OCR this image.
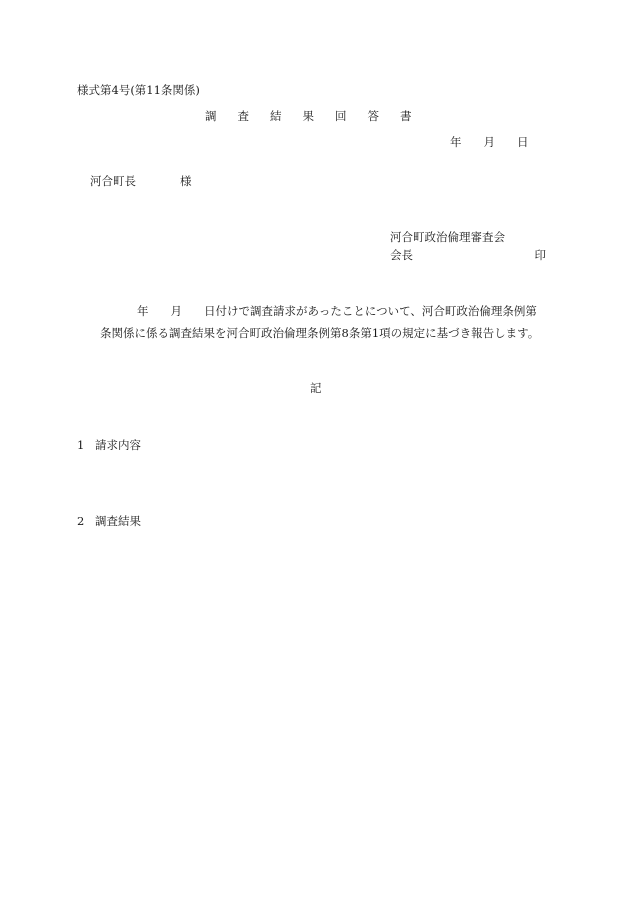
様式第4号(第11条関係)
調 査 結 果 回 答 書
年 月 日
河合町長	様
河合町政治倫理審査会
会長	印
年 月 日付けで調査請求があったことについて、河合町政治倫理条例第
条関係に係る調査結果を河合町政治倫理条例第8条第1項の規定に基づき報告します。
記
1 請求内容
2 調査結果
